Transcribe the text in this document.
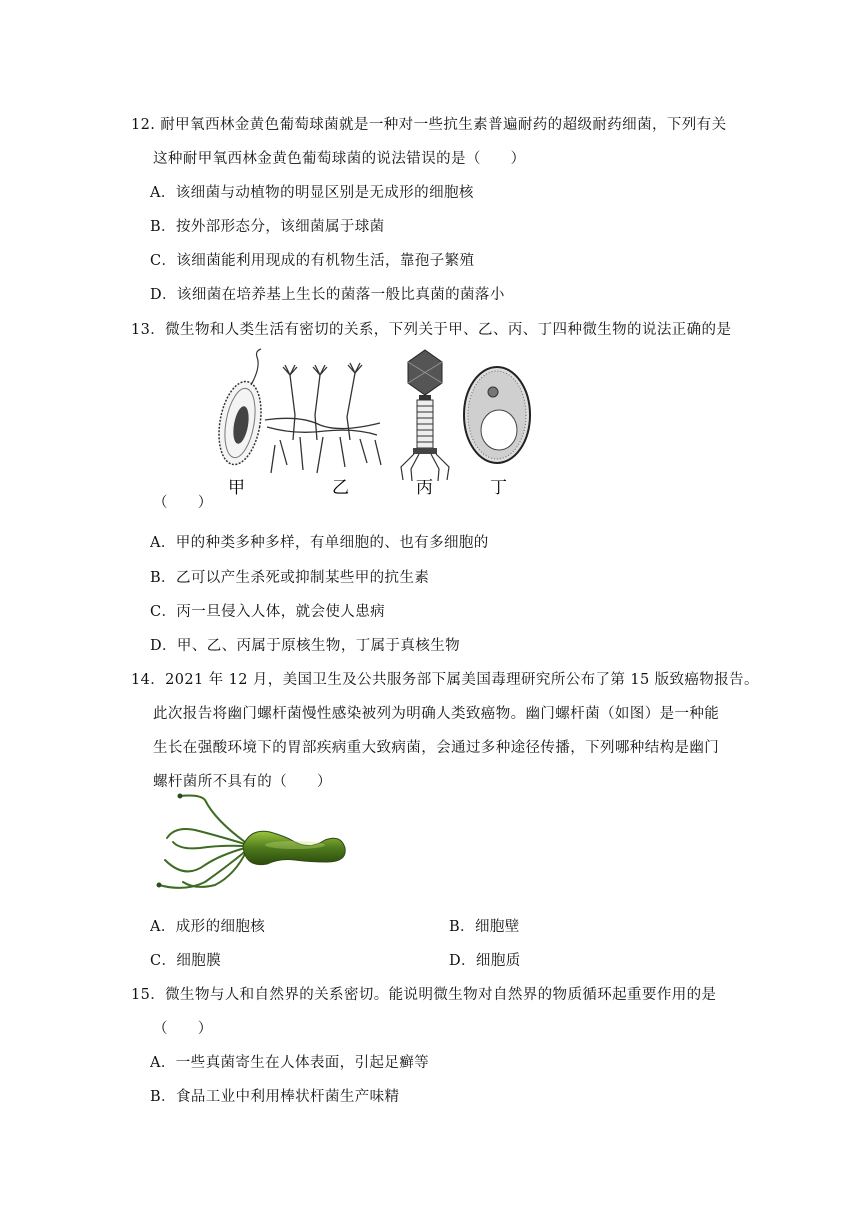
12. 耐甲氧西林金黄色葡萄球菌就是一种对一些抗生素普遍耐药的超级耐药细菌，下列有关
这种耐甲氧西林金黄色葡萄球菌的说法错误的是（　　）
A．该细菌与动植物的明显区别是无成形的细胞核
B．按外部形态分，该细菌属于球菌
C．该细菌能利用现成的有机物生活，靠孢子繁殖
D．该细菌在培养基上生长的菌落一般比真菌的菌落小
13．微生物和人类生活有密切的关系，下列关于甲、乙、丙、丁四种微生物的说法正确的是
甲	乙	丙	丁
（　　）
A．甲的种类多种多样，有单细胞的、也有多细胞的
B．乙可以产生杀死或抑制某些甲的抗生素
C．丙一旦侵入人体，就会使人患病
D．甲、乙、丙属于原核生物，丁属于真核生物
14．2021 年 12 月，美国卫生及公共服务部下属美国毒理研究所公布了第 15 版致癌物报告。
此次报告将幽门螺杆菌慢性感染被列为明确人类致癌物。幽门螺杆菌（如图）是一种能
生长在强酸环境下的胃部疾病重大致病菌，会通过多种途径传播，下列哪种结构是幽门
螺杆菌所不具有的（　　）
A．成形的细胞核	B．细胞壁
C．细胞膜	D．细胞质
15．微生物与人和自然界的关系密切。能说明微生物对自然界的物质循环起重要作用的是
（　　）
A．一些真菌寄生在人体表面，引起足癣等
B．食品工业中利用棒状杆菌生产味精
